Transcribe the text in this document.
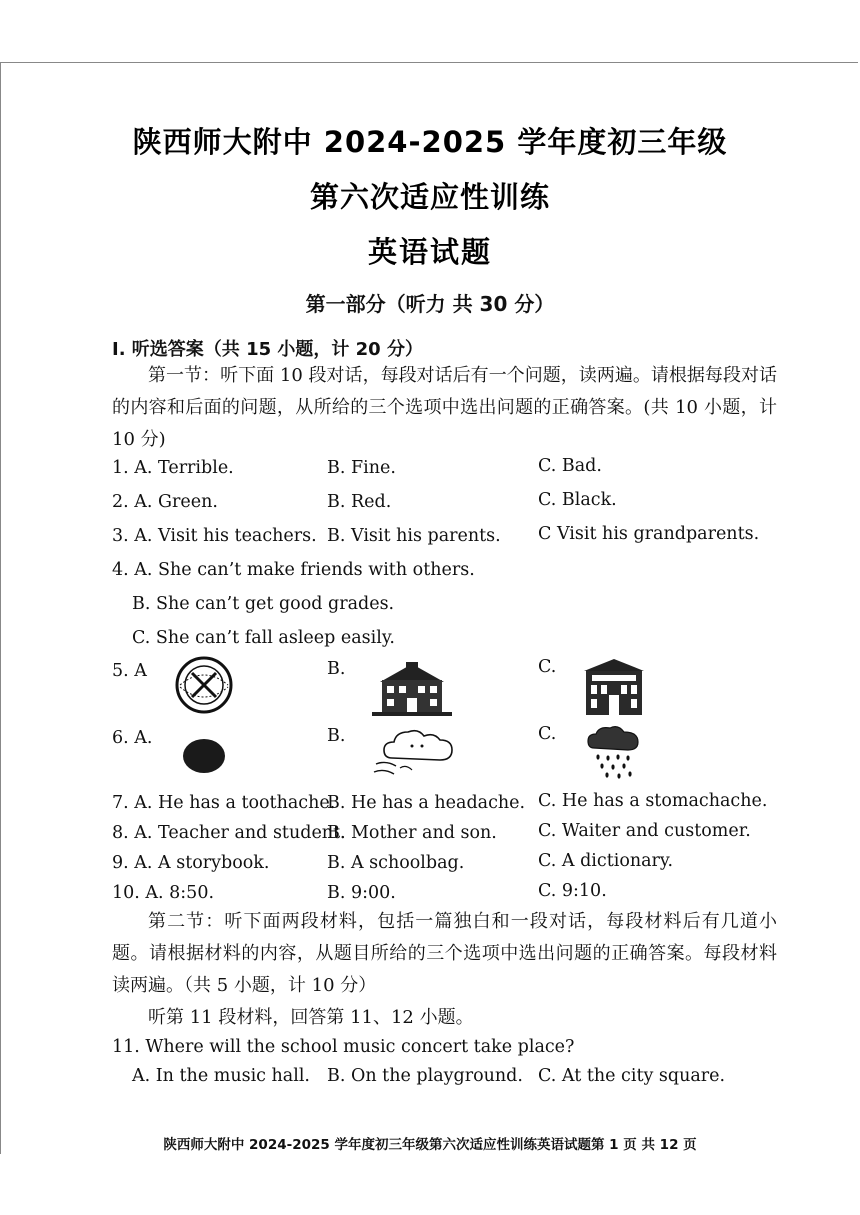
陕西师大附中 2024-2025 学年度初三年级
第六次适应性训练
英语试题
第一部分（听力 共 30 分）
I. 听选答案（共 15 小题，计 20 分）
第一节：听下面 10 段对话，每段对话后有一个问题，读两遍。请根据每段对话的内容和后面的问题，从所给的三个选项中选出问题的正确答案。(共 10 小题，计 10 分)
1. A. Terrible.	B. Fine.	C. Bad.
2. A. Green.	B. Red.	C. Black.
3. A. Visit his teachers. B. Visit his parents. C Visit his grandparents.
4. A. She can’t make friends with others.
B. She can’t get good grades.
C. She can’t fall asleep easily.
5. A	B.	C.
6. A.	B.	C.
7. A. He has a toothache.
B. He has a headache. C. He has a stomachache.
8. A. Teacher and student.
B. Mother and son. C. Waiter and customer.
9. A. A storybook.	B. A schoolbag.	C. A dictionary.
10. A. 8:50.	B. 9:00.	C. 9:10.
第二节：听下面两段材料，包括一篇独白和一段对话，每段材料后有几道小题。请根据材料的内容，从题目所给的三个选项中选出问题的正确答案。每段材料读两遍。（共 5 小题，计 10 分）
听第 11 段材料，回答第 11、12 小题。
11. Where will the school music concert take place?
A. In the music hall. B. On the playground. C. At the city square.
陕西师大附中 2024-2025 学年度初三年级第六次适应性训练英语试题第 1 页 共 12 页
